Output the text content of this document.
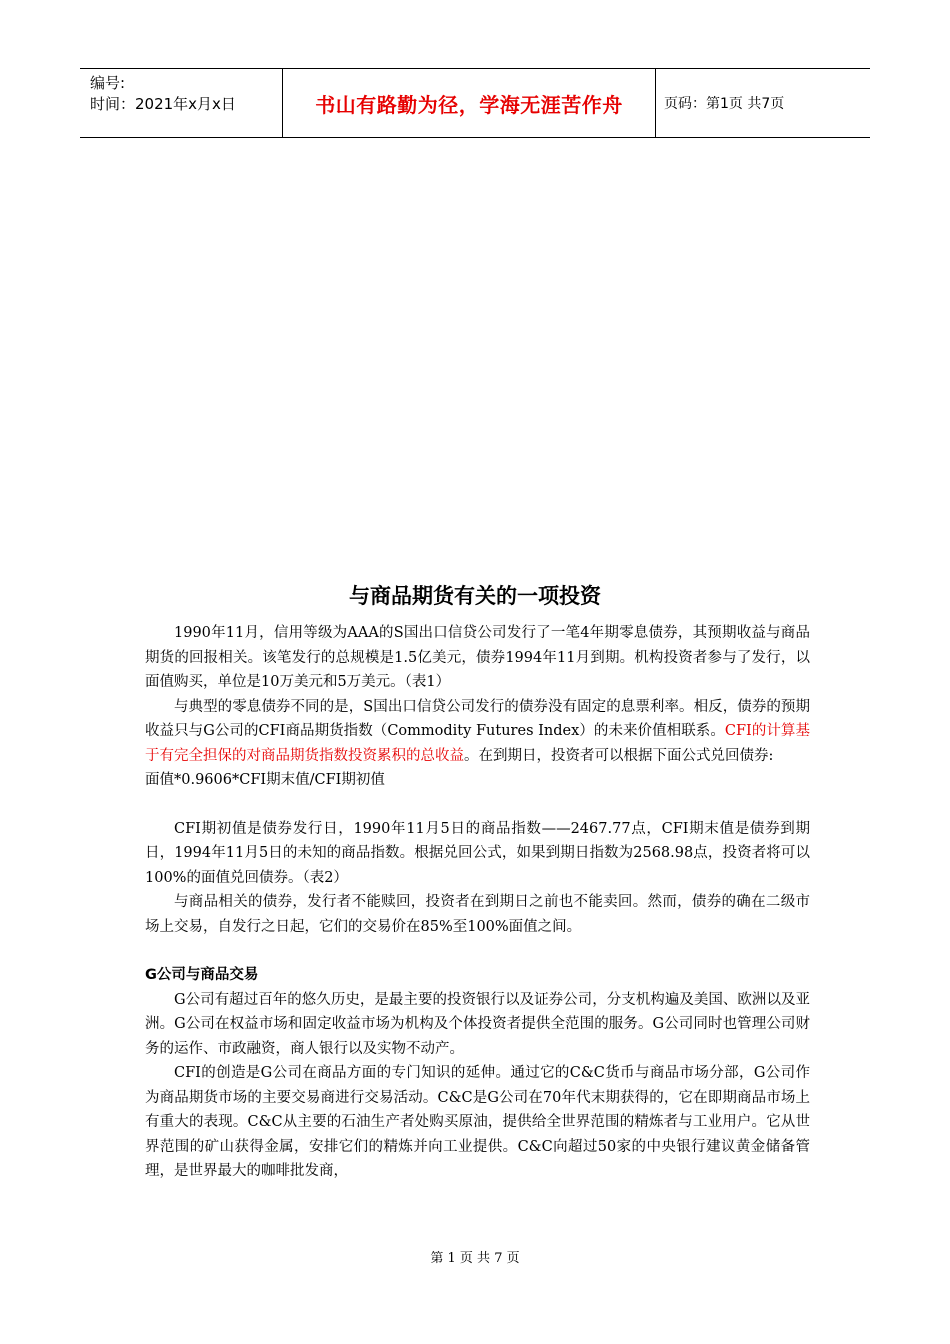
编号:
时间：2021年x月x日	书山有路勤为径，学海无涯苦作舟	页码：第1页 共7页
与商品期货有关的一项投资

1990年11月，信用等级为AAA的S国出口信贷公司发行了一笔4年期零息债券，其预期收益与商品期货的回报相关。该笔发行的总规模是1.5亿美元，债券1994年11月到期。机构投资者参与了发行，以面值购买，单位是10万美元和5万美元。（表1）

与典型的零息债券不同的是，S国出口信贷公司发行的债券没有固定的息票利率。相反，债券的预期收益只与G公司的CFI商品期货指数（Commodity Futures Index）的未来价值相联系。CFI的计算基于有完全担保的对商品期货指数投资累积的总收益。在到期日，投资者可以根据下面公式兑回债券:

面值*0.9606*CFI期末值/CFI期初值

CFI期初值是债券发行日，1990年11月5日的商品指数——2467.77点，CFI期末值是债券到期日，1994年11月5日的未知的商品指数。根据兑回公式，如果到期日指数为2568.98点，投资者将可以100%的面值兑回债券。（表2）

与商品相关的债券，发行者不能赎回，投资者在到期日之前也不能卖回。然而，债券的确在二级市场上交易，自发行之日起，它们的交易价在85%至100%面值之间。

G公司与商品交易

G公司有超过百年的悠久历史，是最主要的投资银行以及证券公司，分支机构遍及美国、欧洲以及亚洲。G公司在权益市场和固定收益市场为机构及个体投资者提供全范围的服务。G公司同时也管理公司财务的运作、市政融资，商人银行以及实物不动产。

CFI的创造是G公司在商品方面的专门知识的延伸。通过它的C&C货币与商品市场分部，G公司作为商品期货市场的主要交易商进行交易活动。C&C是G公司在70年代末期获得的，它在即期商品市场上有重大的表现。C&C从主要的石油生产者处购买原油，提供给全世界范围的精炼者与工业用户。它从世界范围的矿山获得金属，安排它们的精炼并向工业提供。C&C向超过50家的中央银行建议黄金储备管理，是世界最大的咖啡批发商，

第 1 页 共 7 页
